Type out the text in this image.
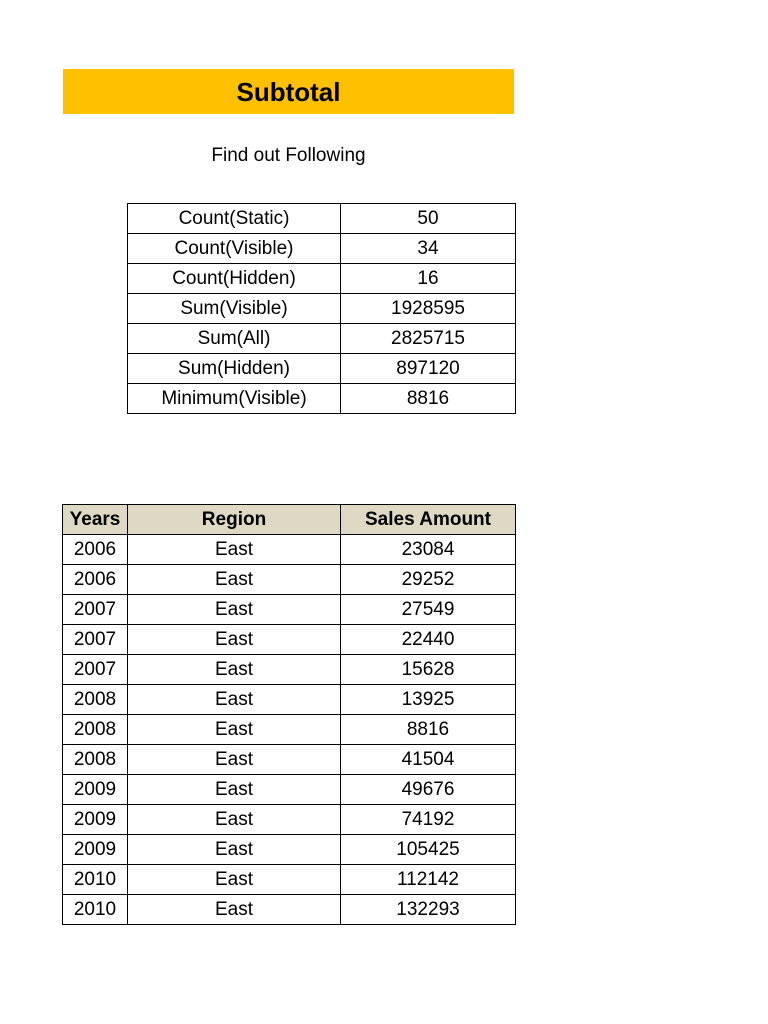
Subtotal
Find out Following
Count(Static)	50
Count(Visible)	34
Count(Hidden)	16
Sum(Visible)	1928595
Sum(All)	2825715
Sum(Hidden)	897120
Minimum(Visible)	8816
Years	Region	Sales Amount
2006	East	23084
2006	East	29252
2007	East	27549
2007	East	22440
2007	East	15628
2008	East	13925
2008	East	8816
2008	East	41504
2009	East	49676
2009	East	74192
2009	East	105425
2010	East	112142
2010	East	132293
